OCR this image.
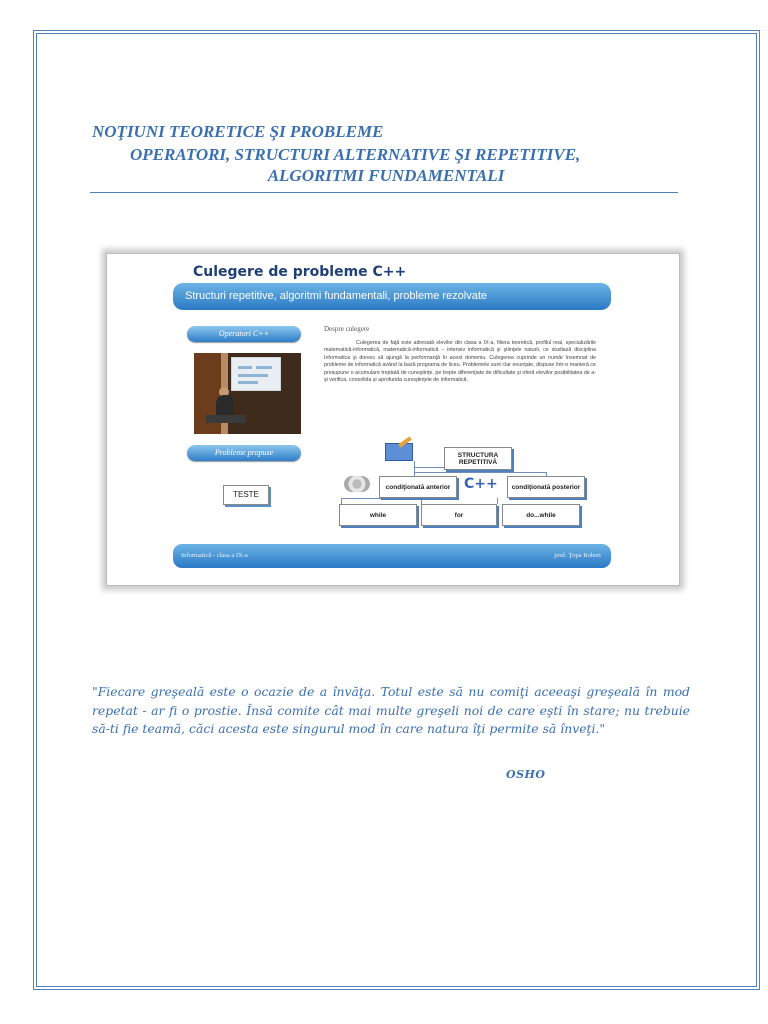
NOŢIUNI TEORETICE ŞI PROBLEME
OPERATORI, STRUCTURI ALTERNATIVE ŞI REPETITIVE,
ALGORITMI FUNDAMENTALI
Culegere de probleme C++
Structuri repetitive, algoritmi fundamentali, probleme rezolvate
Operatori C++
Probleme propuse
TESTE
Despre culegere

Culegerea de faţă este adresată elevilor din clasa a IX-a, filiera teoretică, profilul real, specializările matematică-informatică, matematică-informatică – intensiv informatică şi ştiinţele naturii, ce studiază disciplina Informatica şi doresc să ajungă la performanţă în acest domeniu. Culegerea cuprinde un număr însemnat de probleme de informatică având la bază programa de liceu. Problemele sunt clar enunţate, dispuse într-o manieră ce presupune o acumulare treptată de cunoştinţe, pe trepte diferenţiate de dificultate şi oferă elevilor posibilitatea de a-şi verifica, consolida şi aprofunda cunoştinţele de informatică.

STRUCTURA REPETITIVĂ
condiţionată anterior C++	condiţionată posterior
while	for	do...while
Informatică - clasa a IX-a	prof. Ţopa Robert

"Fiecare greşeală este o ocazie de a învăţa. Totul este să nu comiţi aceeaşi greşeală în mod repetat - ar fi o prostie. Însă comite cât mai multe greşeli noi de care eşti în stare; nu trebuie să-ti fie teamă, căci acesta este singurul mod în care natura îţi permite să înveţi."

OSHO
